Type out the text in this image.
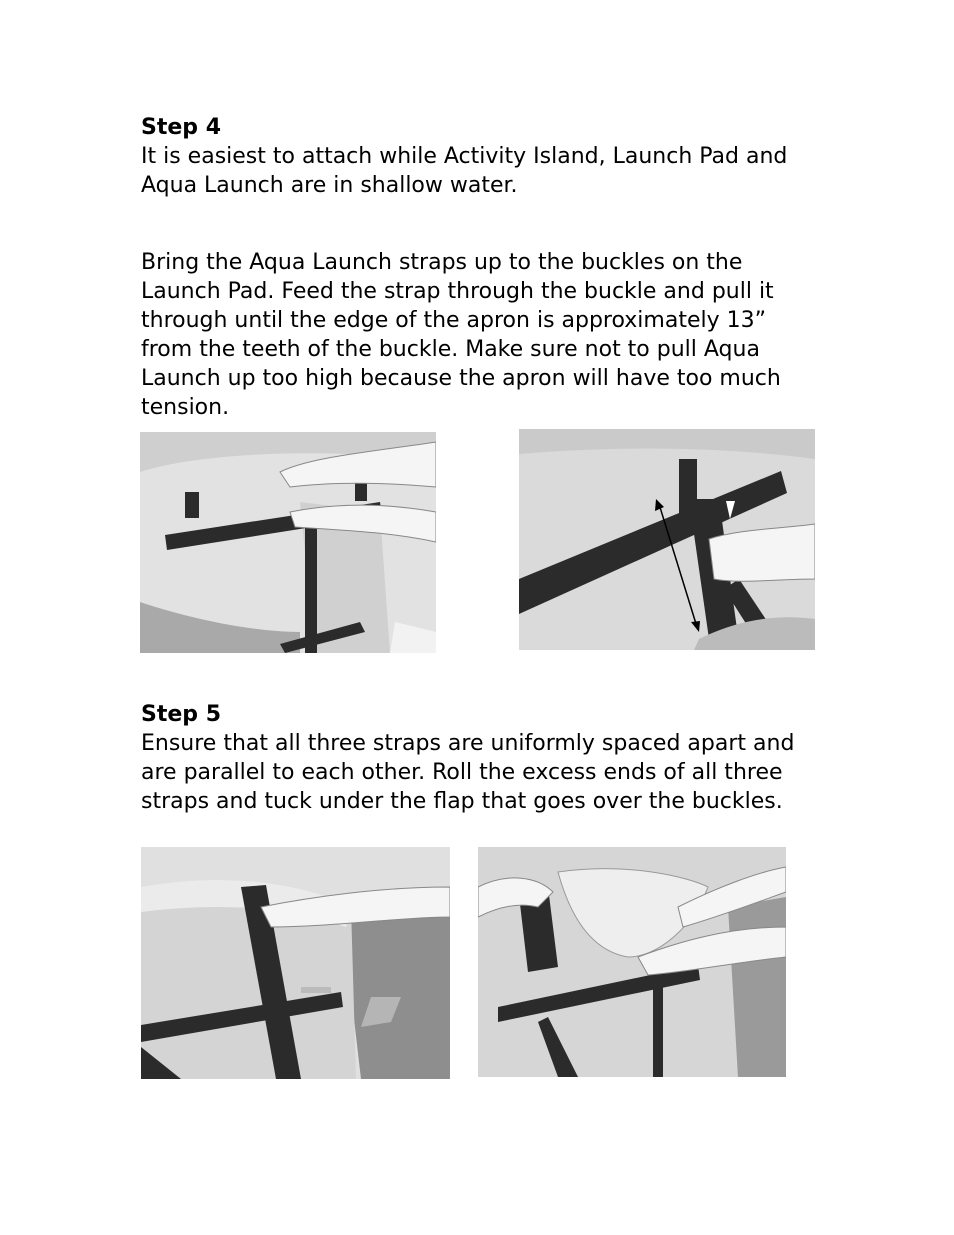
Step 4
It is easiest to attach while Activity Island, Launch Pad and
Aqua Launch are in shallow water.
Bring the Aqua Launch straps up to the buckles on the
Launch Pad. Feed the strap through the buckle and pull it
through until the edge of the apron is approximately 13”
from the teeth of the buckle. Make sure not to pull Aqua
Launch up too high because the apron will have too much
tension.
Step 5
Ensure that all three straps are uniformly spaced apart and
are parallel to each other. Roll the excess ends of all three
straps and tuck under the flap that goes over the buckles.
